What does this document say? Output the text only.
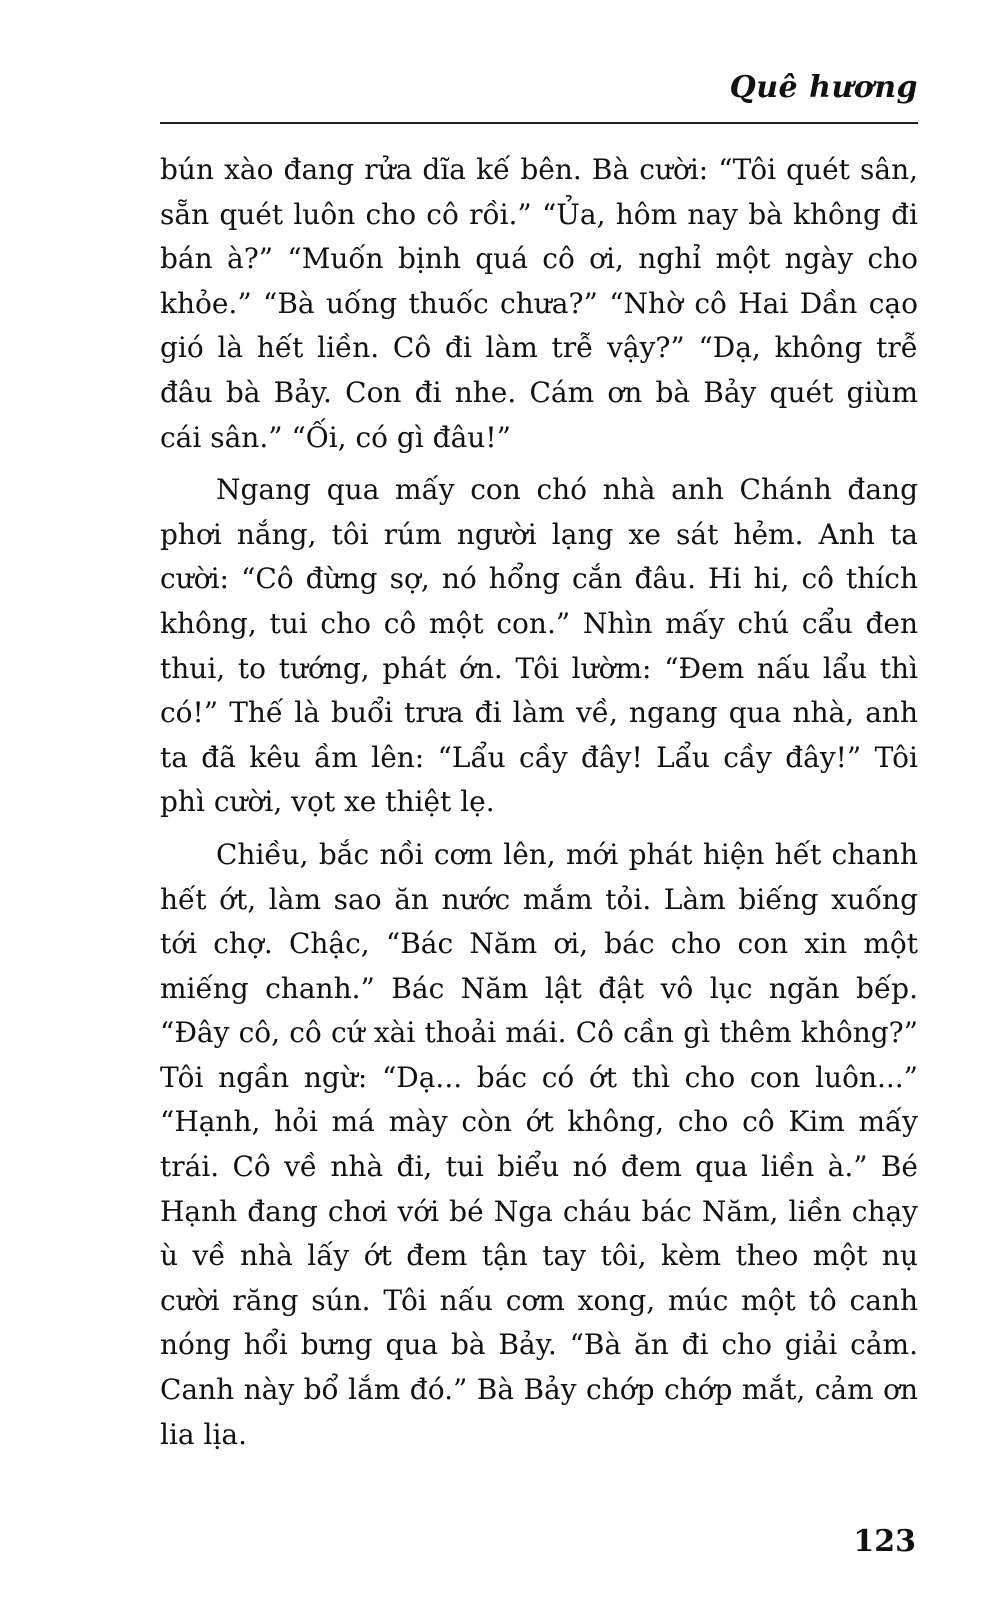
Quê hương

bún xào đang rửa dĩa kế bên. Bà cười: “Tôi quét sân, sẵn quét luôn cho cô rồi.” “Ủa, hôm nay bà không đi bán à?” “Muốn bịnh quá cô ơi, nghỉ một ngày cho khỏe.” “Bà uống thuốc chưa?” “Nhờ cô Hai Dần cạo gió là hết liền. Cô đi làm trễ vậy?” “Dạ, không trễ đâu bà Bảy. Con đi nhe. Cám ơn bà Bảy quét giùm cái sân.” “Ối, có gì đâu!”

Ngang qua mấy con chó nhà anh Chánh đang phơi nắng, tôi rúm người lạng xe sát hẻm. Anh ta cười: “Cô đừng sợ, nó hổng cắn đâu. Hi hi, cô thích không, tui cho cô một con.” Nhìn mấy chú cẩu đen thui, to tướng, phát ớn. Tôi lườm: “Đem nấu lẩu thì có!” Thế là buổi trưa đi làm về, ngang qua nhà, anh ta đã kêu ầm lên: “Lẩu cầy đây! Lẩu cầy đây!” Tôi phì cười, vọt xe thiệt lẹ.

Chiều, bắc nồi cơm lên, mới phát hiện hết chanh hết ớt, làm sao ăn nước mắm tỏi. Làm biếng xuống tới chợ. Chậc, “Bác Năm ơi, bác cho con xin một miếng chanh.” Bác Năm lật đật vô lục ngăn bếp. “Đây cô, cô cứ xài thoải mái. Cô cần gì thêm không?” Tôi ngần ngừ: “Dạ... bác có ớt thì cho con luôn...” “Hạnh, hỏi má mày còn ớt không, cho cô Kim mấy trái. Cô về nhà đi, tui biểu nó đem qua liền à.” Bé Hạnh đang chơi với bé Nga cháu bác Năm, liền chạy ù về nhà lấy ớt đem tận tay tôi, kèm theo một nụ cười răng sún. Tôi nấu cơm xong, múc một tô canh nóng hổi bưng qua bà Bảy. “Bà ăn đi cho giải cảm. Canh này bổ lắm đó.” Bà Bảy chớp chớp mắt, cảm ơn lia lịa.

123
